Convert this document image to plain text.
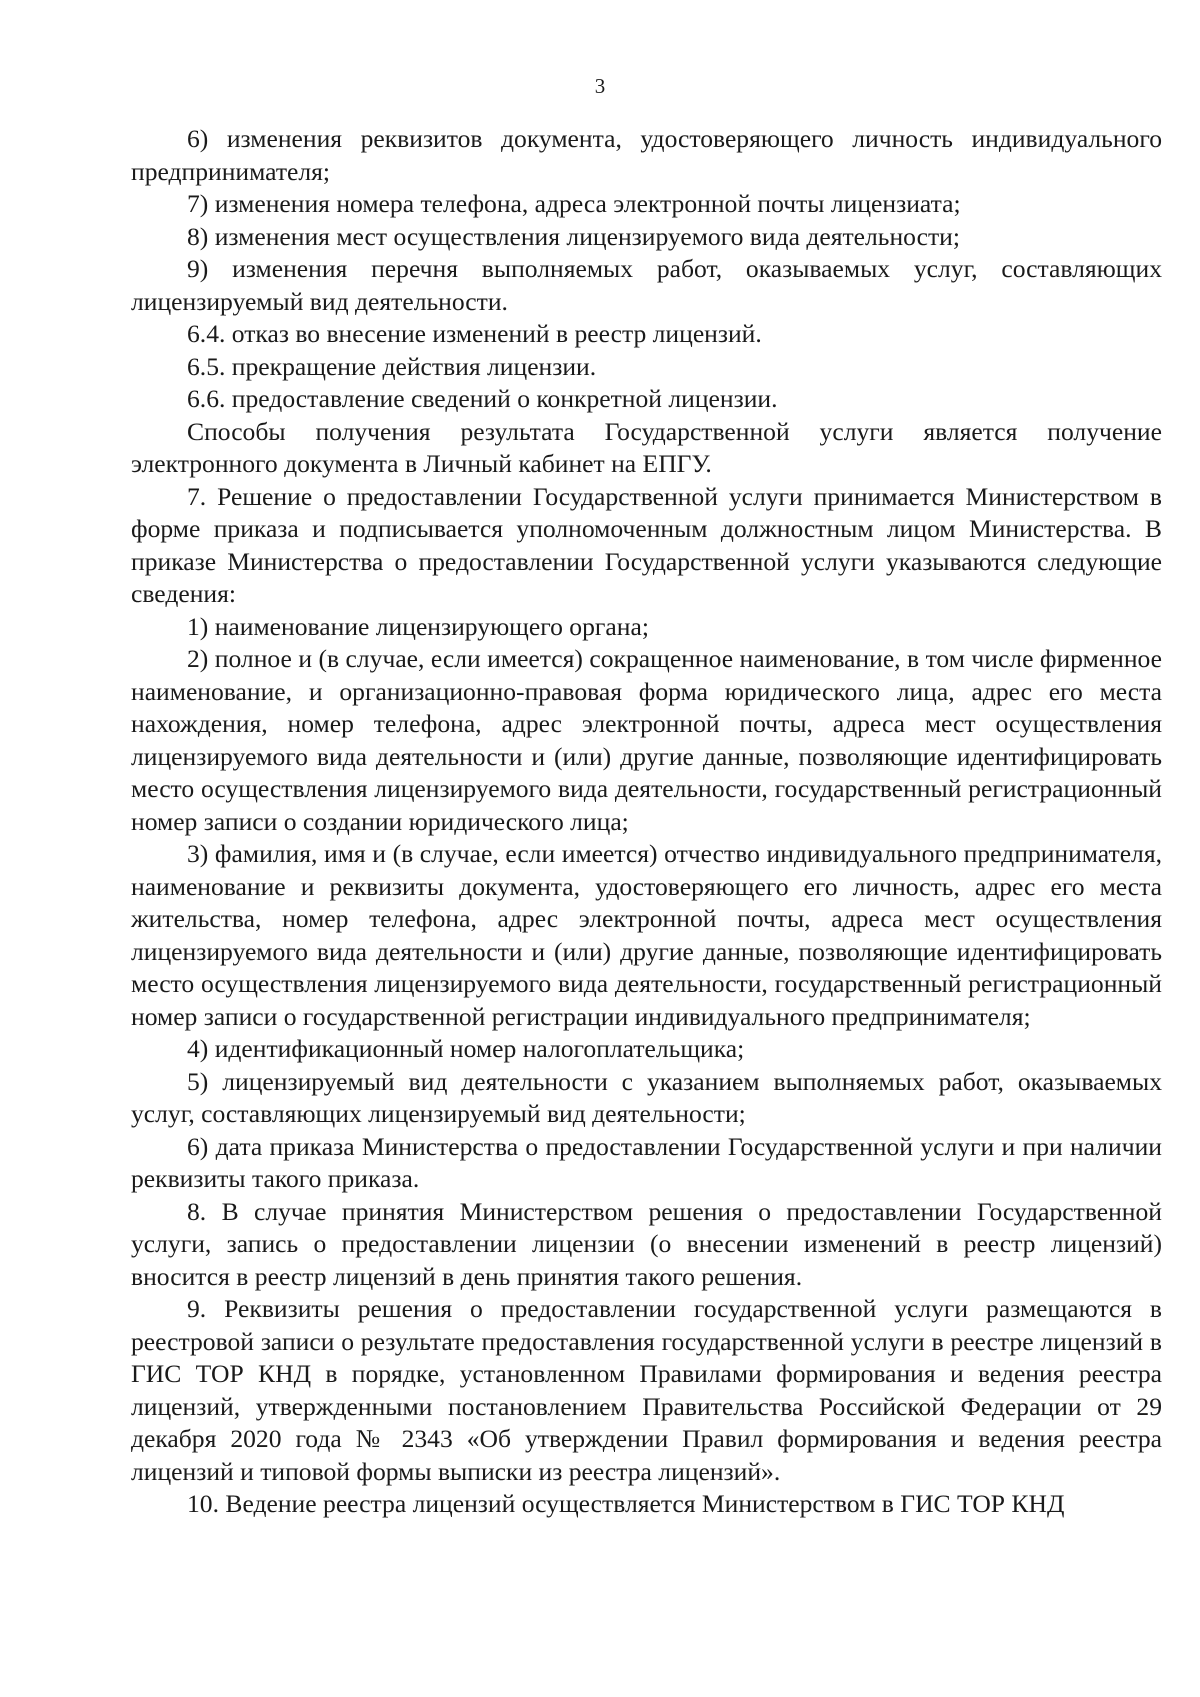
3

6) изменения реквизитов документа, удостоверяющего личность индивидуального предпринимателя;

7) изменения номера телефона, адреса электронной почты лицензиата;

8) изменения мест осуществления лицензируемого вида деятельности;

9) изменения перечня выполняемых работ, оказываемых услуг, составляющих лицензируемый вид деятельности.

6.4. отказ во внесение изменений в реестр лицензий.

6.5. прекращение действия лицензии.

6.6. предоставление сведений о конкретной лицензии.

Способы получения результата Государственной услуги является получение электронного документа в Личный кабинет на ЕПГУ.

7. Решение о предоставлении Государственной услуги принимается Министерством в форме приказа и подписывается уполномоченным должностным лицом Министерства. В приказе Министерства о предоставлении Государственной услуги указываются следующие сведения:

1) наименование лицензирующего органа;

2) полное и (в случае, если имеется) сокращенное наименование, в том числе фирменное наименование, и организационно-правовая форма юридического лица, адрес его места нахождения, номер телефона, адрес электронной почты, адреса мест осуществления лицензируемого вида деятельности и (или) другие данные, позволяющие идентифицировать место осуществления лицензируемого вида деятельности, государственный регистрационный номер записи о создании юридического лица;

3) фамилия, имя и (в случае, если имеется) отчество индивидуального предпринимателя, наименование и реквизиты документа, удостоверяющего его личность, адрес его места жительства, номер телефона, адрес электронной почты, адреса мест осуществления лицензируемого вида деятельности и (или) другие данные, позволяющие идентифицировать место осуществления лицензируемого вида деятельности, государственный регистрационный номер записи о государственной регистрации индивидуального предпринимателя;

4) идентификационный номер налогоплательщика;

5) лицензируемый вид деятельности с указанием выполняемых работ, оказываемых услуг, составляющих лицензируемый вид деятельности;

6) дата приказа Министерства о предоставлении Государственной услуги и при наличии реквизиты такого приказа.

8. В случае принятия Министерством решения о предоставлении Государственной услуги, запись о предоставлении лицензии (о внесении изменений в реестр лицензий) вносится в реестр лицензий в день принятия такого решения.

9. Реквизиты решения о предоставлении государственной услуги размещаются в реестровой записи о результате предоставления государственной услуги в реестре лицензий в ГИС ТОР КНД в порядке, установленном Правилами формирования и ведения реестра лицензий, утвержденными постановлением Правительства Российской Федерации от 29 декабря 2020 года № 2343 «Об утверждении Правил формирования и ведения реестра лицензий и типовой формы выписки из реестра лицензий».

10. Ведение реестра лицензий осуществляется Министерством в ГИС ТОР КНД
